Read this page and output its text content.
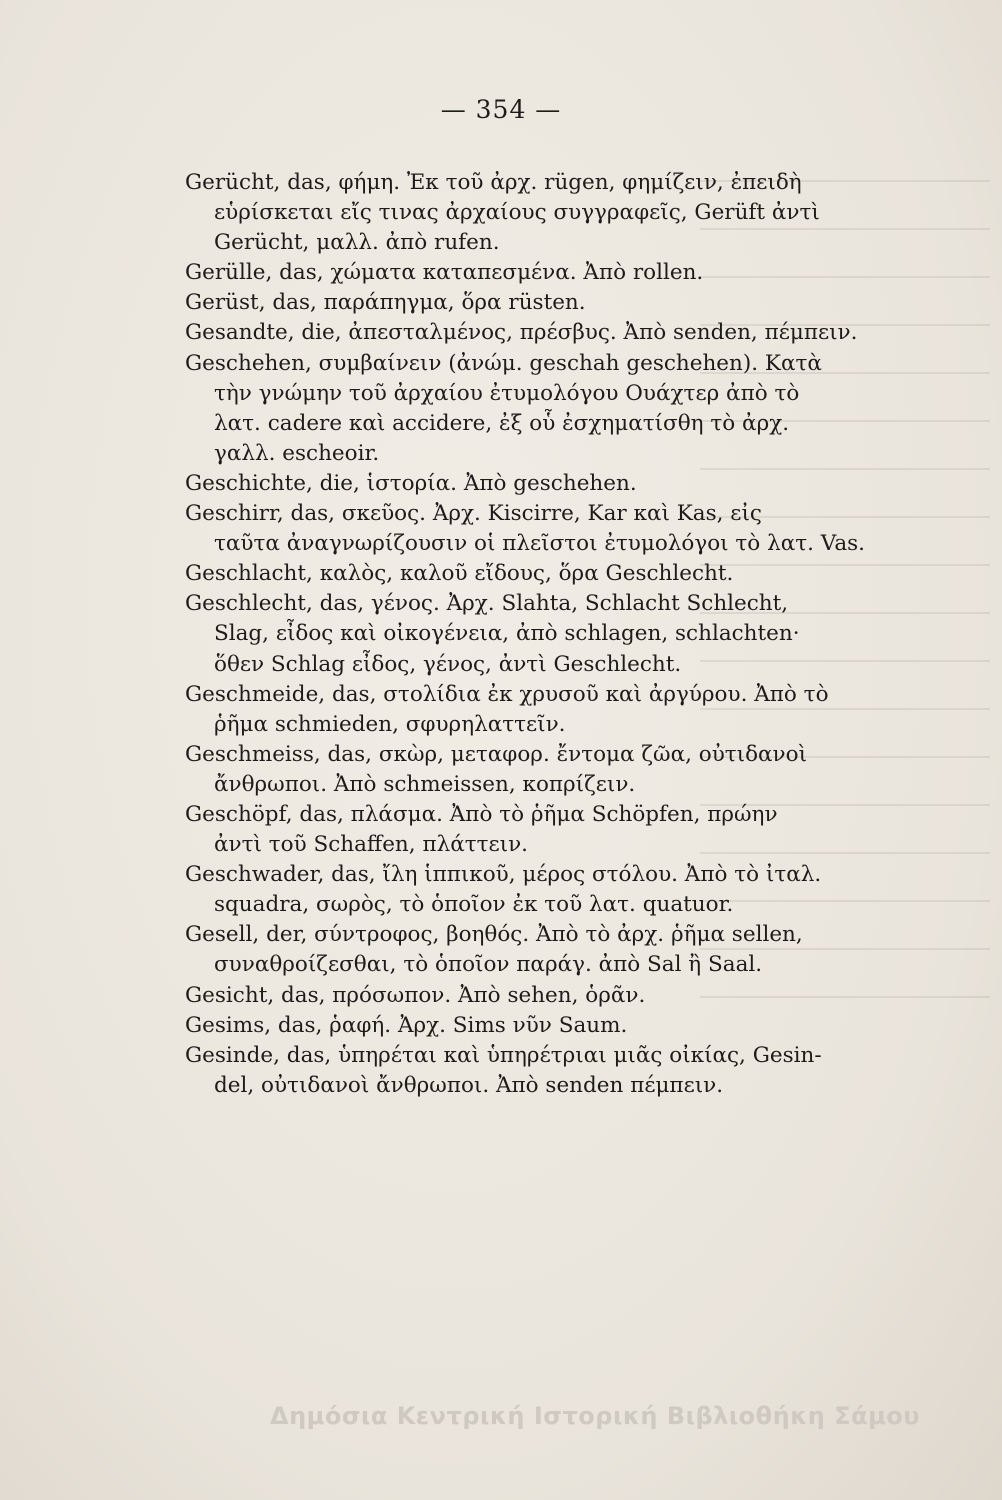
— 354 —
Gerücht, das, φήμη. Ἐκ τοῦ ἀρχ. rügen, φημίζειν, ἐπειδὴ
εὑρίσκεται εἴς τινας ἀρχαίους συγγραφεῖς, Gerüft ἀντὶ
Gerücht, μαλλ. ἀπὸ rufen.
Gerülle, das, χώματα καταπεσμένα. Ἀπὸ rollen.
Gerüst, das, παράπηγμα, ὅρα rüsten.
Gesandte, die, ἀπεσταλμένος, πρέσβυς. Ἀπὸ senden, πέμπειν.
Geschehen, συμβαίνειν (ἀνώμ. geschah geschehen). Κατὰ
τὴν γνώμην τοῦ ἀρχαίου ἐτυμολόγου Ουάχτερ ἀπὸ τὸ
λατ. cadere καὶ accidere, ἐξ οὗ ἐσχηματίσθη τὸ ἀρχ.
γαλλ. escheoir.
Geschichte, die, ἱστορία. Ἀπὸ geschehen.
Geschirr, das, σκεῦος. Ἀρχ. Kiscirre, Kar καὶ Kas, εἰς
ταῦτα ἀναγνωρίζουσιν οἱ πλεῖστοι ἐτυμολόγοι τὸ λατ. Vas.
Geschlacht, καλὸς, καλοῦ εἴδους, ὅρα Geschlecht.
Geschlecht, das, γένος. Ἀρχ. Slahta, Schlacht Schlecht,
Slag, εἶδος καὶ οἰκογένεια, ἀπὸ schlagen, schlachten·
ὅθεν Schlag εἶδος, γένος, ἀντὶ Geschlecht.
Geschmeide, das, στολίδια ἐκ χρυσοῦ καὶ ἀργύρου. Ἀπὸ τὸ
ῥῆμα schmieden, σφυρηλαττεῖν.
Geschmeiss, das, σκὼρ, μεταφορ. ἔντομα ζῶα, οὐτιδανοὶ
ἄνθρωποι. Ἀπὸ schmeissen, κοπρίζειν.
Geschöpf, das, πλάσμα. Ἀπὸ τὸ ῥῆμα Schöpfen, πρώην
ἀντὶ τοῦ Schaffen, πλάττειν.
Geschwader, das, ἴλη ἱππικοῦ, μέρος στόλου. Ἀπὸ τὸ ἰταλ.
squadra, σωρὸς, τὸ ὁποῖον ἐκ τοῦ λατ. quatuor.
Gesell, der, σύντροφος, βοηθός. Ἀπὸ τὸ ἀρχ. ῥῆμα sellen,
συναθροίζεσθαι, τὸ ὁποῖον παράγ. ἀπὸ Sal ἢ Saal.
Gesicht, das, πρόσωπον. Ἀπὸ sehen, ὁρᾶν.
Gesims, das, ῥαφή. Ἀρχ. Sims νῦν Saum.
Gesinde, das, ὑπηρέται καὶ ὑπηρέτριαι μιᾶς οἰκίας, Gesin-
del, οὐτιδανοὶ ἄνθρωποι. Ἀπὸ senden πέμπειν.
Δημόσια Κεντρική Ιστορική Βιβλιοθήκη Σάμου
